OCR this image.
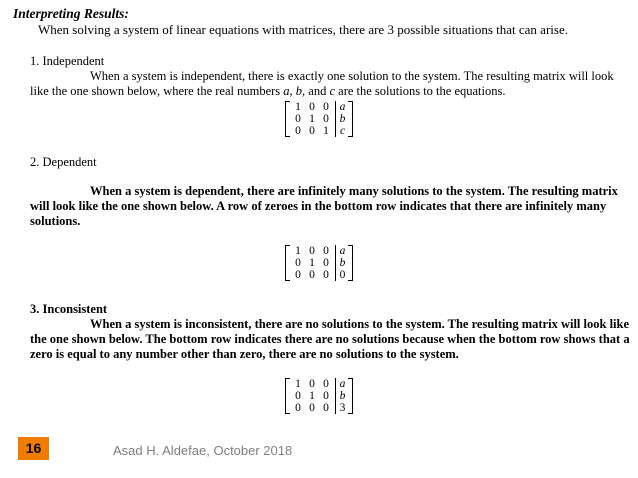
Interpreting Results:
When solving a system of linear equations with matrices, there are 3 possible situations that can arise.
1. Independent
When a system is independent, there is exactly one solution to the system. The resulting matrix will look like the one shown below, where the real numbers a, b, and c are the solutions to the equations.
1 0 0
0 1 0
0 0 1
a
b
c
2. Dependent
When a system is dependent, there are infinitely many solutions to the system. The resulting matrix will look like the one shown below. A row of zeroes in the bottom row indicates that there are infinitely many solutions.
1 0 0
0 1 0
0 0 0
a
b
0
3. Inconsistent
When a system is inconsistent, there are no solutions to the system. The resulting matrix will look like the one shown below. The bottom row indicates there are no solutions because when the bottom row shows that a zero is equal to any number other than zero, there are no solutions to the system.
1 0 0
0 1 0
0 0 0
a
b
3
16	Asad H. Aldefae, October 2018
